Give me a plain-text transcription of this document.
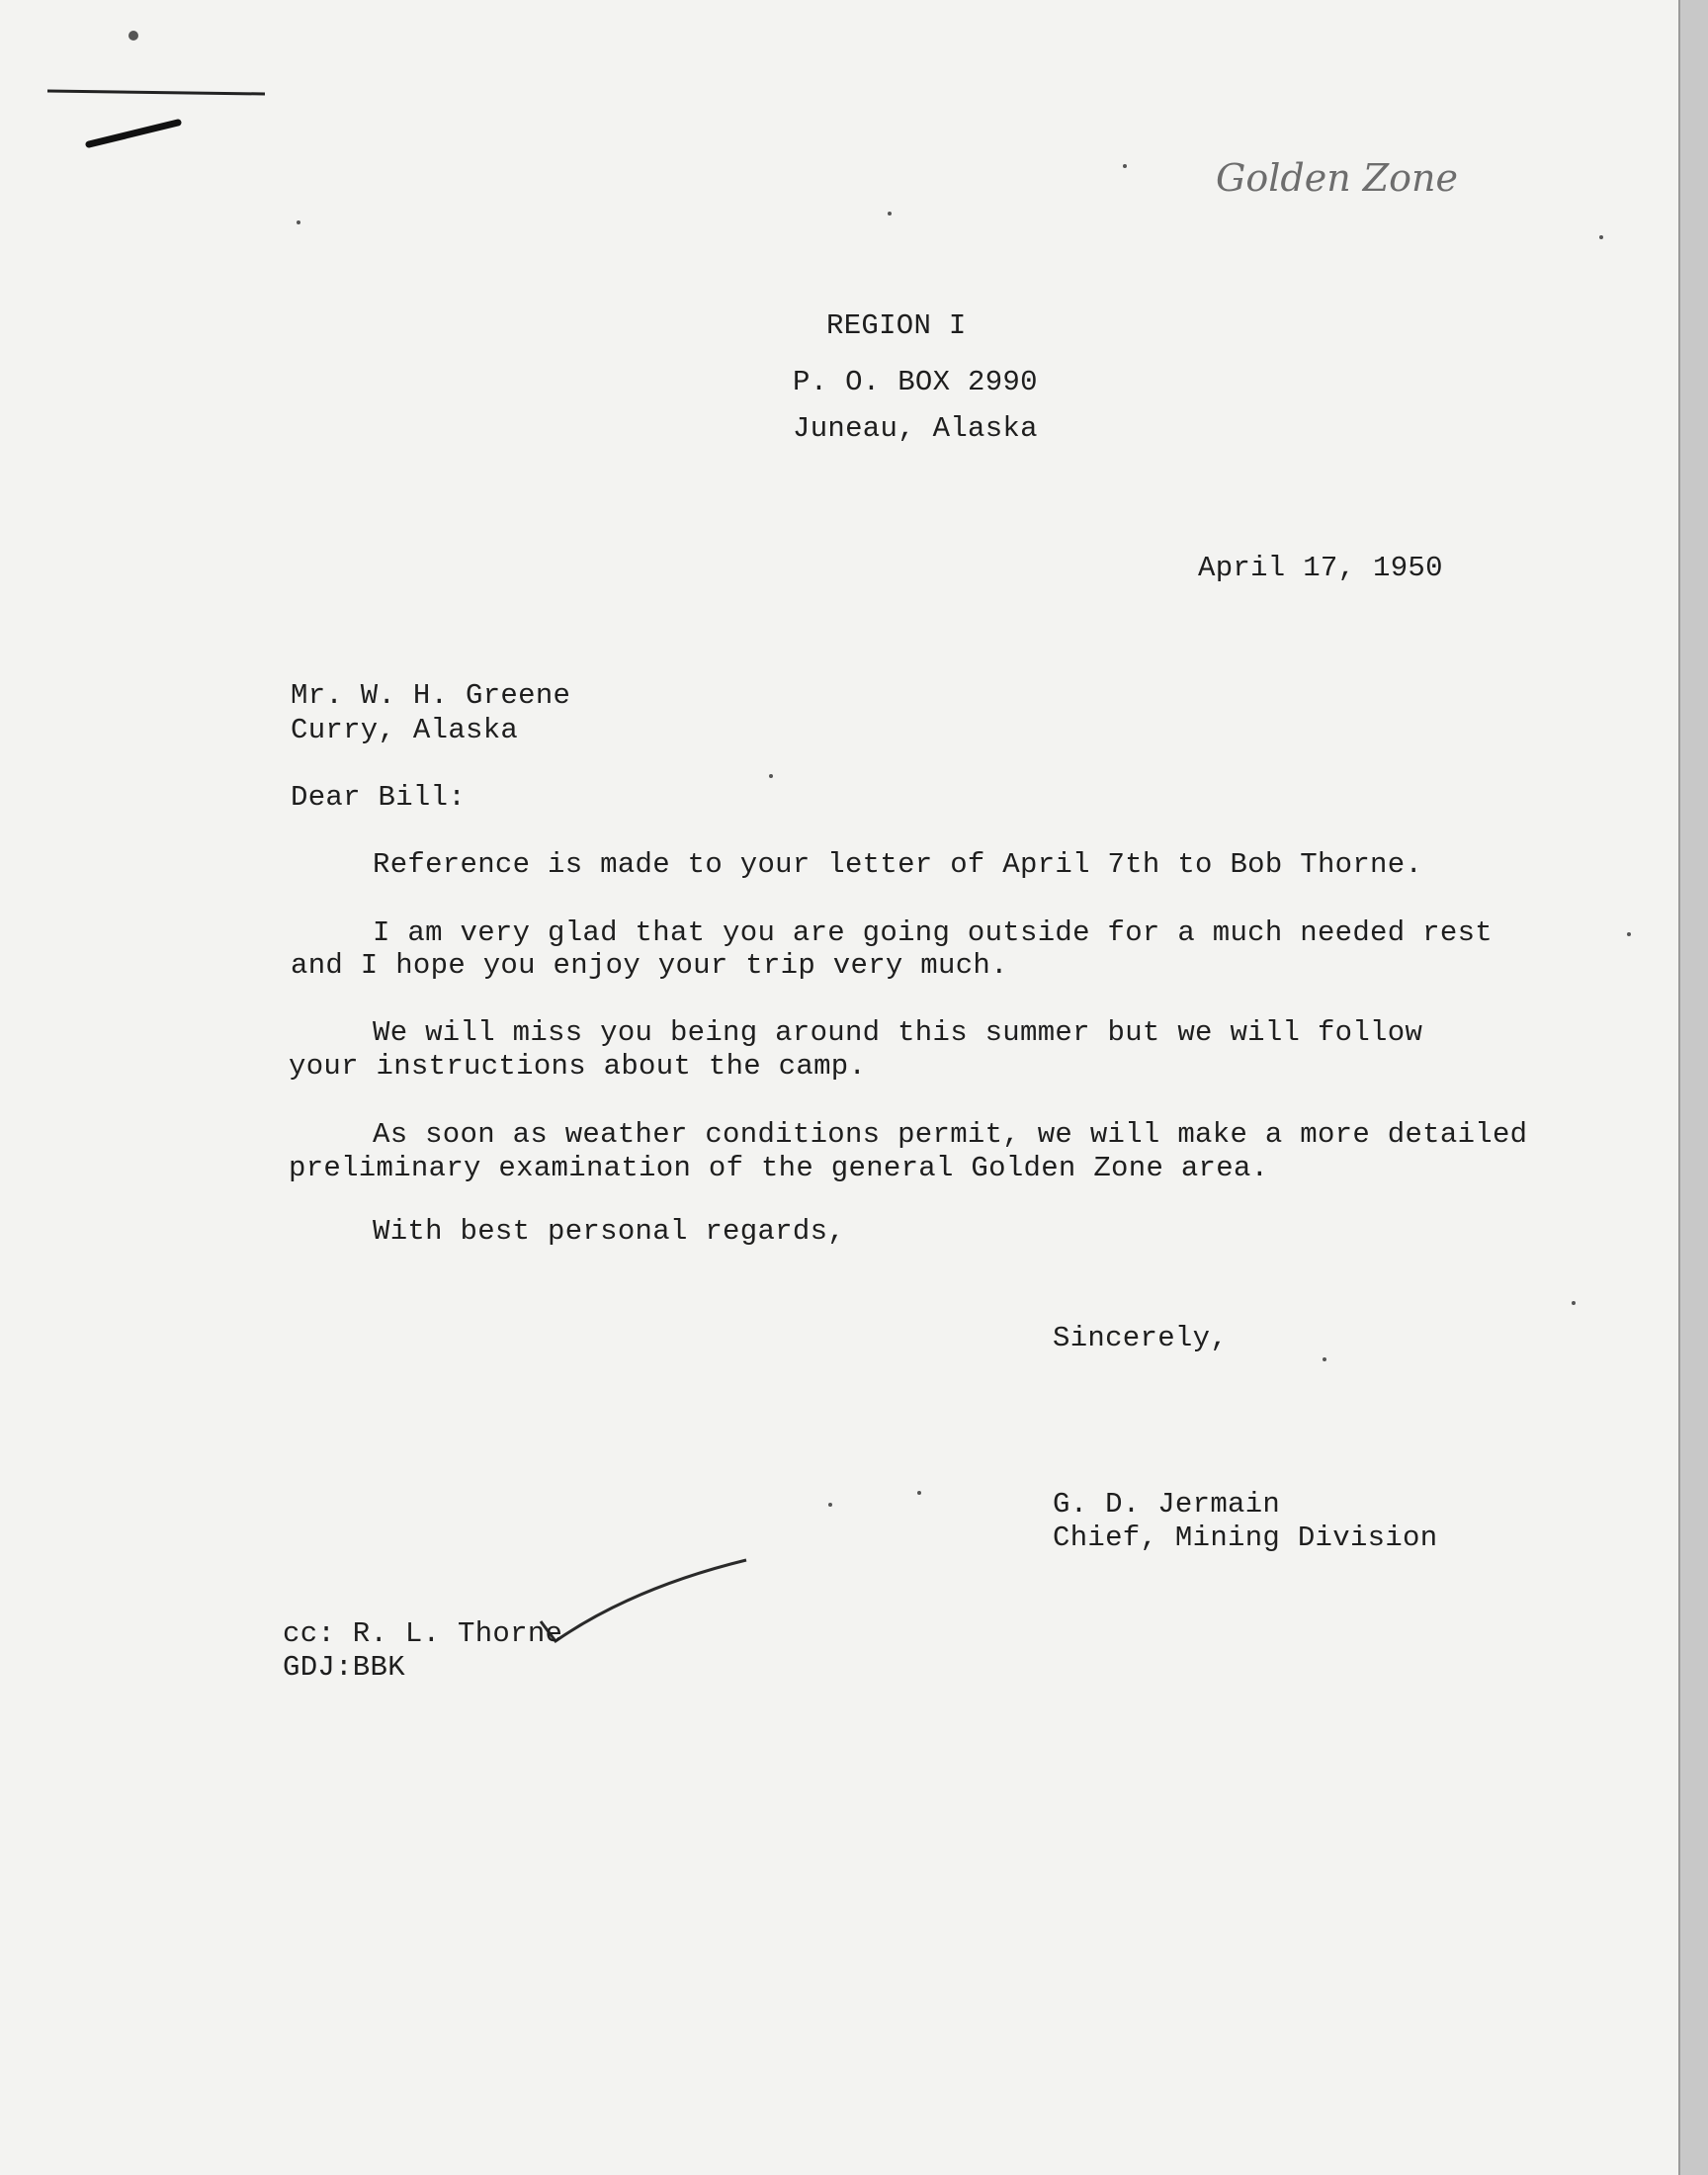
Golden Zone
REGION I
P. O. BOX 2990
Juneau, Alaska
April 17, 1950
Mr. W. H. Greene
Curry, Alaska
Dear Bill:
Reference is made to your letter of April 7th to Bob Thorne.
I am very glad that you are going outside for a much needed rest
and I hope you enjoy your trip very much.
We will miss you being around this summer but we will follow
your instructions about the camp.
As soon as weather conditions permit, we will make a more detailed
preliminary examination of the general Golden Zone area.
With best personal regards,
Sincerely,
G. D. Jermain
Chief, Mining Division
cc: R. L. Thorne
GDJ:BBK
